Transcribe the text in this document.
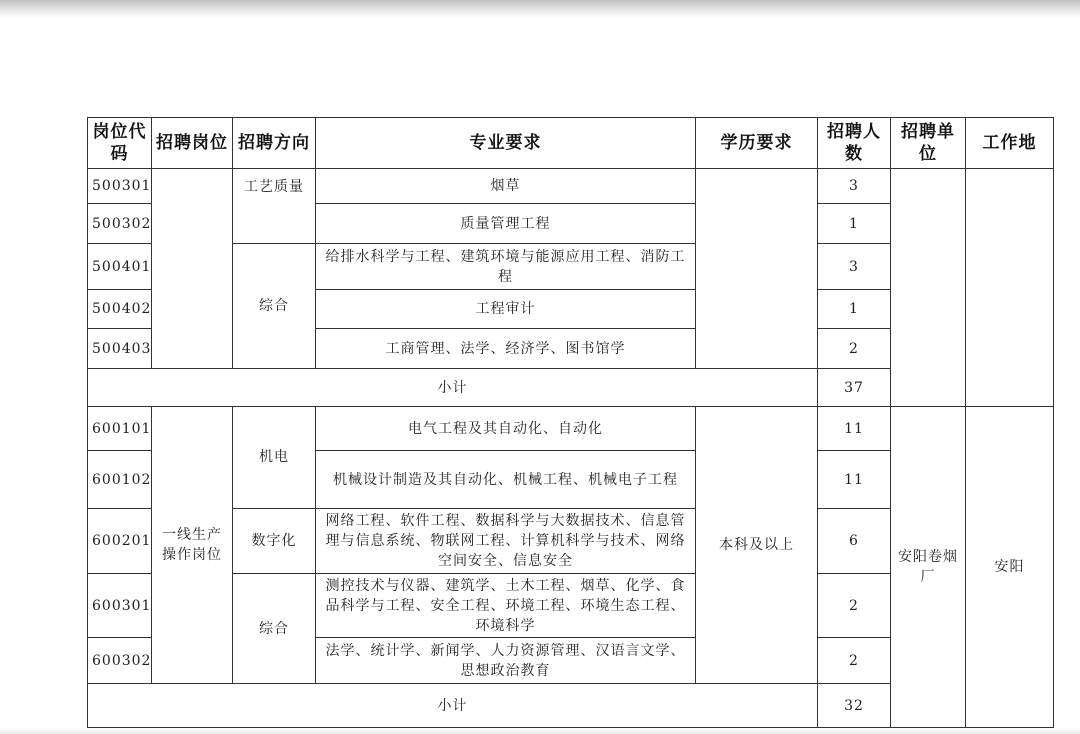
岗位代码	招聘岗位	招聘方向	专业要求	学历要求	招聘人数	招聘单位	工作地
500301		工艺质量	烟草		3		
500302			质量管理工程		1		
500401		综合	给排水科学与工程、建筑环境与能源应用工程、消防工程		3		
500402			工程审计		1		
500403			工商管理、法学、经济学、图书馆学		2		
小计					37		
600101	一线生产操作岗位	机电	电气工程及其自动化、自动化	本科及以上	11	安阳卷烟厂	安阳
600102			机械设计制造及其自动化、机械工程、机械电子工程		11		
600201		数字化	网络工程、软件工程、数据科学与大数据技术、信息管理与信息系统、物联网工程、计算机科学与技术、网络空间安全、信息安全		6		
600301		综合	测控技术与仪器、建筑学、土木工程、烟草、化学、食品科学与工程、安全工程、环境工程、环境生态工程、环境科学		2		
600302			法学、统计学、新闻学、人力资源管理、汉语言文学、思想政治教育		2		
小计					32		
